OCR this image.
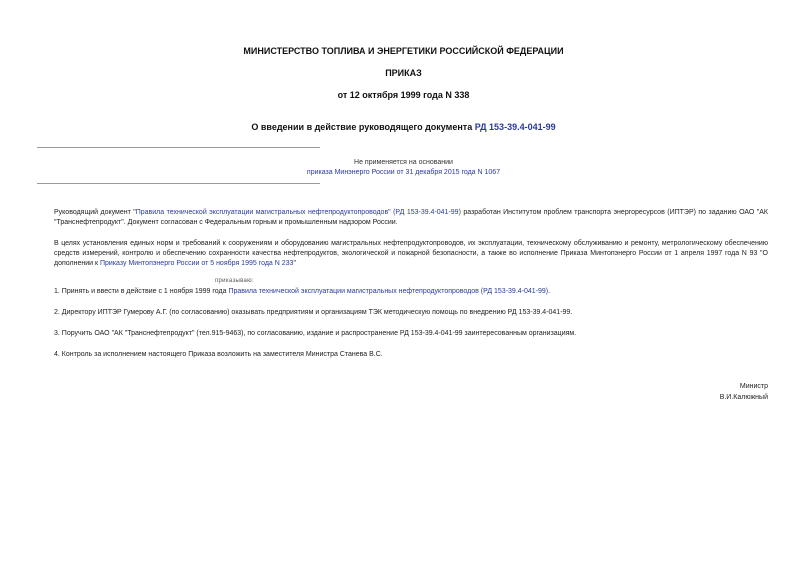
МИНИСТЕРСТВО ТОПЛИВА И ЭНЕРГЕТИКИ РОССИЙСКОЙ ФЕДЕРАЦИИ
ПРИКАЗ
от 12 октября 1999 года N 338
О введении в действие руководящего документа РД 153-39.4-041-99
Не применяется на основании
приказа Минэнерго России от 31 декабря 2015 года N 1067
Руководящий документ "Правила технической эксплуатации магистральных нефтепродуктопроводов" (РД 153-39.4-041-99) разработан Институтом проблем транспорта энергоресурсов (ИПТЭР) по заданию ОАО "АК "Транснефтепродукт". Документ согласован с Федеральным горным и промышленным надзором России.
В целях установления единых норм и требований к сооружениям и оборудованию магистральных нефтепродуктопроводов, их эксплуатации, техническому обслуживанию и ремонту, метрологическому обеспечению средств измерений, контролю и обеспечению сохранности качества нефтепродуктов, экологической и пожарной безопасности, а также во исполнение Приказа Минтопэнерго России от 1 апреля 1997 года N 93 "О дополнении к Приказу Минтопэнерго России от 5 ноября 1995 года N 233"
приказываю:
1. Принять и ввести в действие с 1 ноября 1999 года Правила технической эксплуатации магистральных нефтепродуктопроводов (РД 153-39.4-041-99).
2. Директору ИПТЭР Гумерову А.Г. (по согласованию) оказывать предприятиям и организациям ТЭК методическую помощь по внедрению РД 153-39.4-041-99.
3. Поручить ОАО "АК "Транснефтепродукт" (тел.915-9463), по согласованию, издание и распространение РД 153-39.4-041-99 заинтересованным организациям.
4. Контроль за исполнением настоящего Приказа возложить на заместителя Министра Станева В.С.
Министр
В.И.Калюжный
